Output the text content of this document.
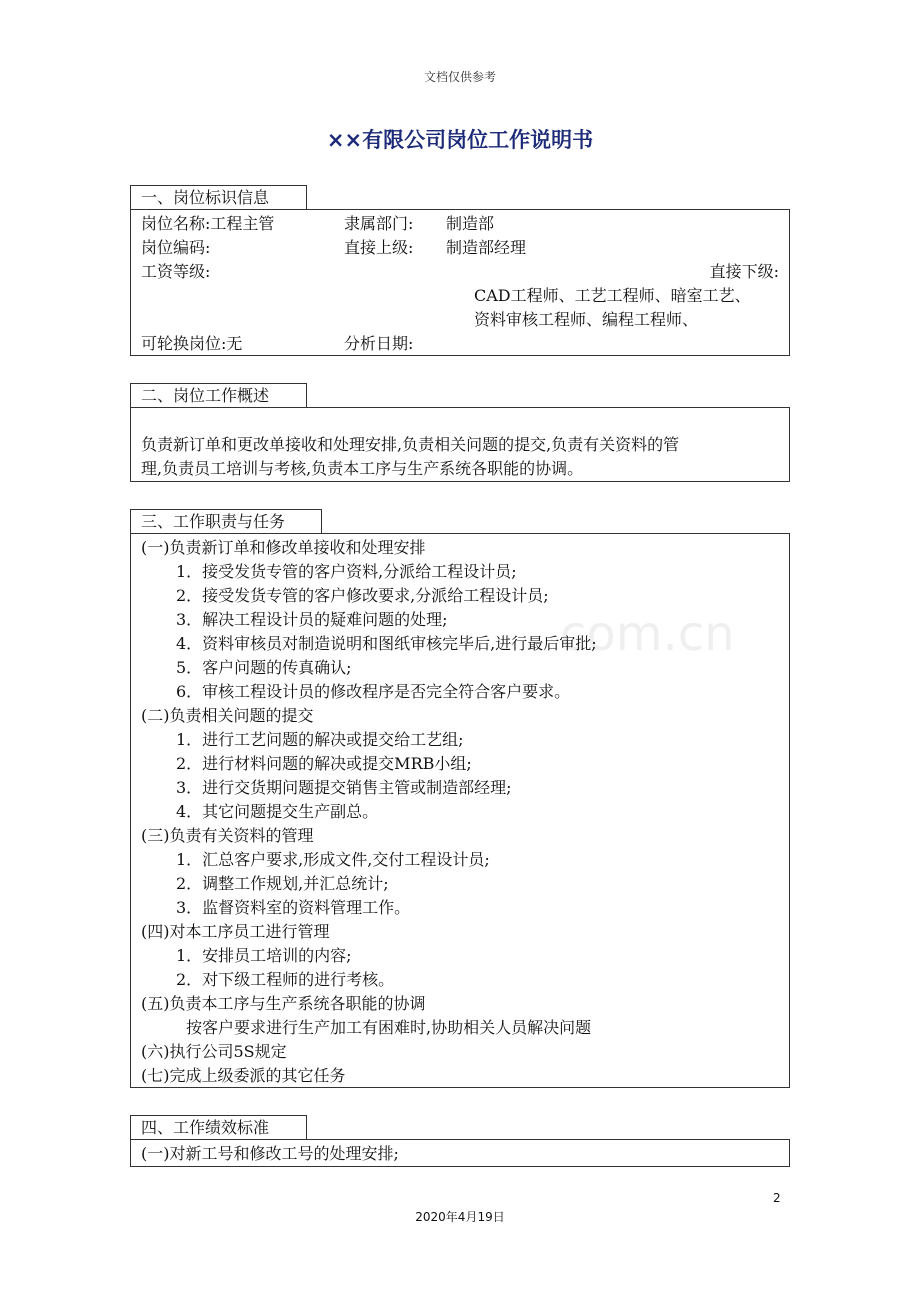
文档仅供参考
××有限公司岗位工作说明书
一、岗位标识信息
岗位名称:工程主管	隶属部门: 制造部
岗位编码:	直接上级: 制造部经理
工资等级:	直接下级:
CAD工程师、工艺工程师、暗室工艺、
资料审核工程师、编程工程师、
可轮换岗位:无	分析日期:
二、岗位工作概述
负责新订单和更改单接收和处理安排,负责相关问题的提交,负责有关资料的管
理,负责员工培训与考核,负责本工序与生产系统各职能的协调。
三、工作职责与任务
(一)负责新订单和修改单接收和处理安排
1．接受发货专管的客户资料,分派给工程设计员;
2．接受发货专管的客户修改要求,分派给工程设计员;
3．解决工程设计员的疑难问题的处理;
4．资料审核员对制造说明和图纸审核完毕后,进行最后审批;
5．客户问题的传真确认;
6．审核工程设计员的修改程序是否完全符合客户要求。
(二)负责相关问题的提交
1．进行工艺问题的解决或提交给工艺组;
2．进行材料问题的解决或提交MRB小组;
3．进行交货期问题提交销售主管或制造部经理;
4．其它问题提交生产副总。
(三)负责有关资料的管理
1．汇总客户要求,形成文件,交付工程设计员;
2．调整工作规划,并汇总统计;
3．监督资料室的资料管理工作。
(四)对本工序员工进行管理
1．安排员工培训的内容;
2．对下级工程师的进行考核。
(五)负责本工序与生产系统各职能的协调
按客户要求进行生产加工有困难时,协助相关人员解决问题
(六)执行公司5S规定
(七)完成上级委派的其它任务
四、工作绩效标准
(一)对新工号和修改工号的处理安排;
com.cn
2
2020年4月19日
